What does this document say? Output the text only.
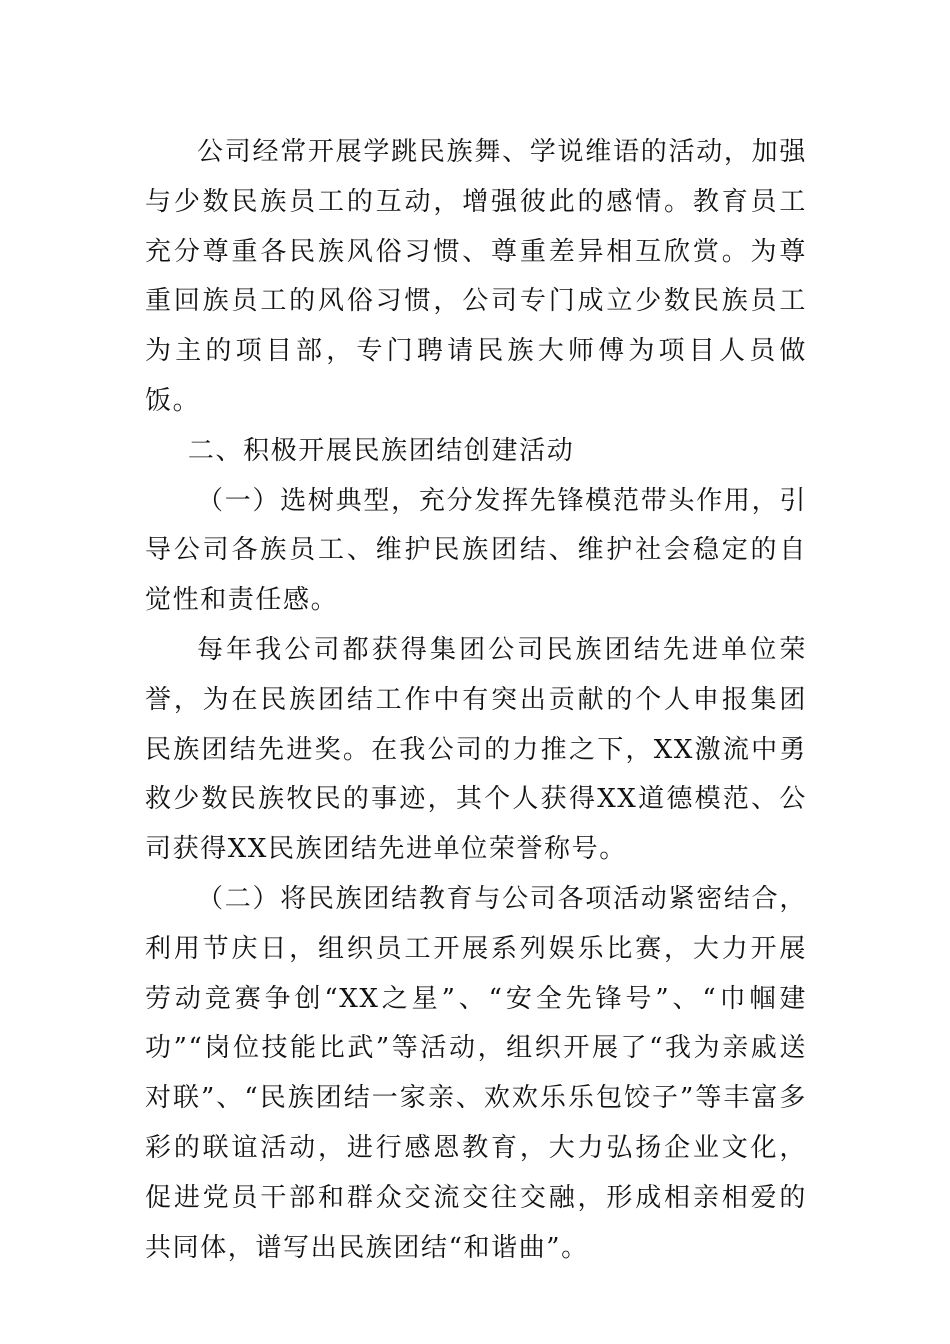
公司经常开展学跳民族舞、学说维语的活动，加强与少数民族员工的互动，增强彼此的感情。教育员工充分尊重各民族风俗习惯、尊重差异相互欣赏。为尊重回族员工的风俗习惯，公司专门成立少数民族员工为主的项目部，专门聘请民族大师傅为项目人员做饭。

二、积极开展民族团结创建活动

（一）选树典型，充分发挥先锋模范带头作用，引导公司各族员工、维护民族团结、维护社会稳定的自觉性和责任感。

每年我公司都获得集团公司民族团结先进单位荣誉，为在民族团结工作中有突出贡献的个人申报集团民族团结先进奖。在我公司的力推之下，XX激流中勇救少数民族牧民的事迹，其个人获得XX道德模范、公司获得XX民族团结先进单位荣誉称号。

（二）将民族团结教育与公司各项活动紧密结合，利用节庆日，组织员工开展系列娱乐比赛，大力开展劳动竞赛争创“XX之星”、“安全先锋号”、“巾帼建功”“岗位技能比武”等活动，组织开展了“我为亲戚送对联”、“民族团结一家亲、欢欢乐乐包饺子”等丰富多彩的联谊活动，进行感恩教育，大力弘扬企业文化，促进党员干部和群众交流交往交融，形成相亲相爱的共同体，谱写出民族团结“和谐曲”。
